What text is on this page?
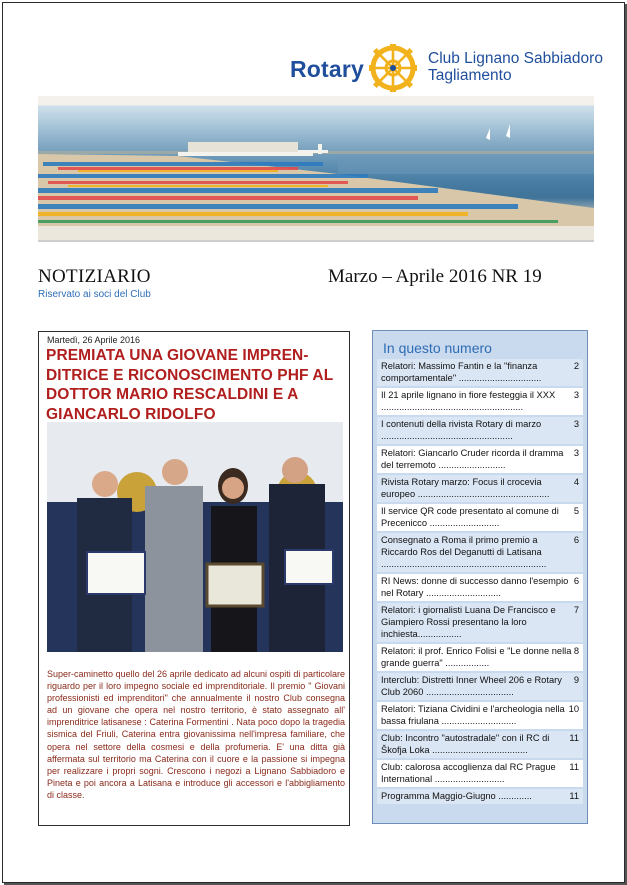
Rotary	Club Lignano Sabbiadoro
Tagliamento
NOTIZIARIO
Riservato ai soci del Club
Marzo – Aprile 2016 NR 19
Martedì, 26 Aprile 2016
PREMIATA UNA GIOVANE IMPREN-DITRICE E RICONOSCIMENTO PHF AL DOTTOR MARIO RESCALDINI E A GIANCARLO RIDOLFO
Super-caminetto quello del 26 aprile dedicato ad alcuni ospiti di particolare riguardo per il loro impegno sociale ed imprenditoriale. Il premio " Giovani professionisti ed imprenditori" che annualmente il nostro Club consegna ad un giovane che opera nel nostro territorio, è stato assegnato all' imprenditrice latisanese : Caterina Formentini . Nata poco dopo la tragedia sismica del Friuli, Caterina entra giovanissima nell'impresa familiare, che opera nel settore della cosmesi e della profumeria. E' una ditta già affermata sul territorio ma Caterina con il cuore e la passione si impegna per realizzare i propri sogni. Crescono i negozi a Lignano Sabbiadoro e Pineta e poi ancora a Latisana e introduce gli accessori e l'abbigliamento di classe.
In questo numero
2
Relatori: Massimo Fantin e la "finanza comportamentale" ................................
3
Il 21 aprile lignano in fiore festeggia il XXX .......................................................
3
I contenuti della rivista Rotary di marzo ...................................................
3
Relatori: Giancarlo Cruder ricorda il dramma del terremoto ..........................
4
Rivista Rotary marzo: Focus il crocevia europeo ...................................................
5
Il service QR code presentato al comune di Precenicco ...........................
6
Consegnato a Roma il primo premio a Riccardo Ros del Deganutti di Latisana ................................................................
6
RI News: donne di successo danno l'esempio nel Rotary .............................
7
Relatori: i giornalisti Luana De Francisco e Giampiero Rossi presentano la loro inchiesta.................
8
Relatori: il prof. Enrico Folisi e "Le donne nella grande guerra" .................
9
Interclub: Distretti Inner Wheel 206 e Rotary Club 2060 ..................................
10
Relatori: Tiziana Cividini e l'archeologia nella bassa friulana .............................
11
Club: Incontro "autostradale" con il RC di Škofja Loka .....................................
11
Club: calorosa accoglienza dal RC Prague International ...........................
11
Programma Maggio-Giugno .............
